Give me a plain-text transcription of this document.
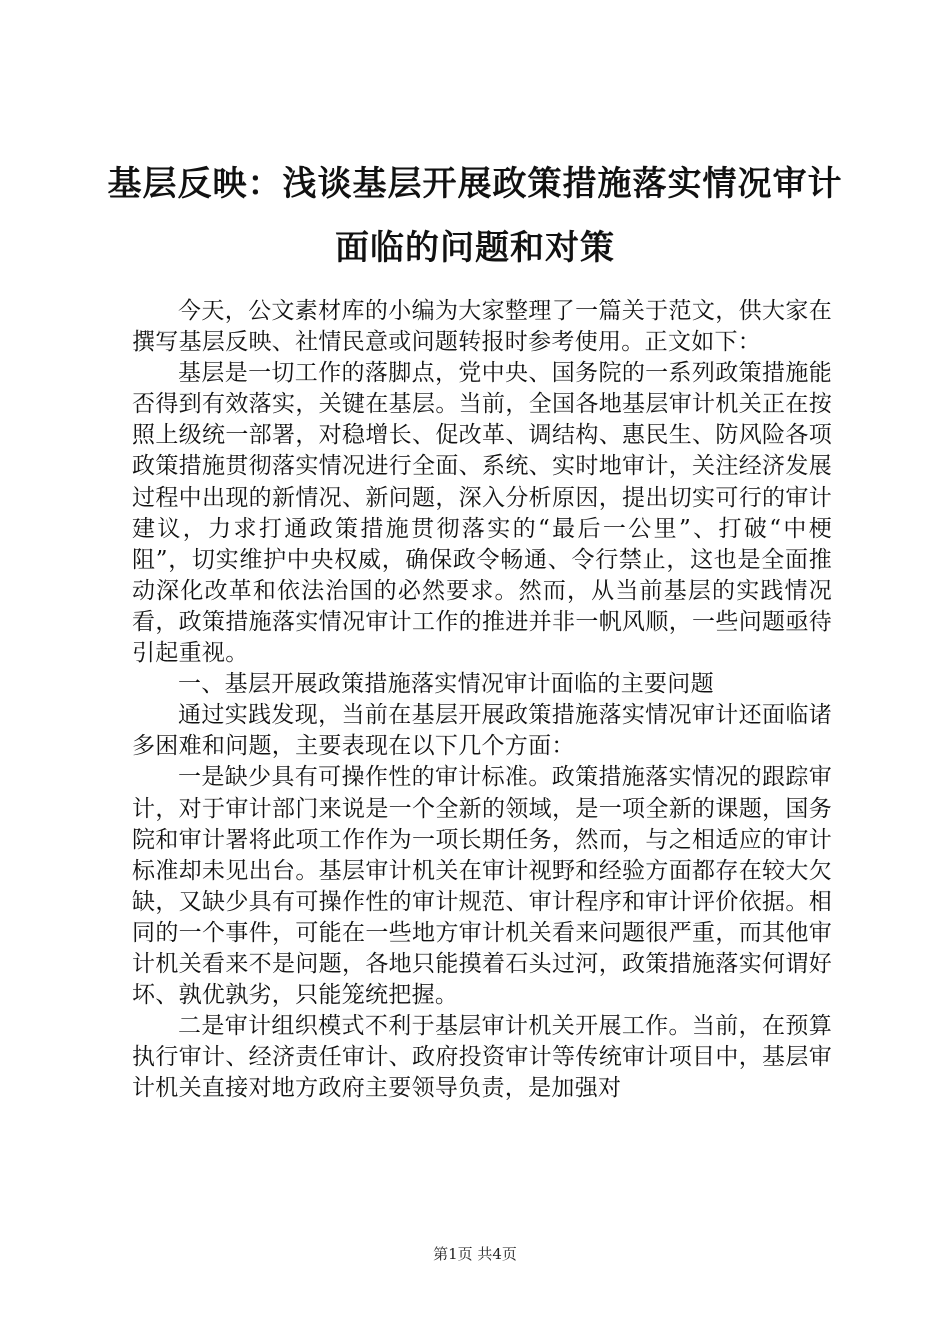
基层反映：浅谈基层开展政策措施落实情况审计面临的问题和对策

今天，公文素材库的小编为大家整理了一篇关于范文，供大家在撰写基层反映、社情民意或问题转报时参考使用。正文如下：

基层是一切工作的落脚点，党中央、国务院的一系列政策措施能否得到有效落实，关键在基层。当前，全国各地基层审计机关正在按照上级统一部署，对稳增长、促改革、调结构、惠民生、防风险各项政策措施贯彻落实情况进行全面、系统、实时地审计，关注经济发展过程中出现的新情况、新问题，深入分析原因，提出切实可行的审计建议，力求打通政策措施贯彻落实的“最后一公里”、打破“中梗阻”，切实维护中央权威，确保政令畅通、令行禁止，这也是全面推动深化改革和依法治国的必然要求。然而，从当前基层的实践情况看，政策措施落实情况审计工作的推进并非一帆风顺，一些问题亟待引起重视。

一、基层开展政策措施落实情况审计面临的主要问题

通过实践发现，当前在基层开展政策措施落实情况审计还面临诸多困难和问题，主要表现在以下几个方面：

一是缺少具有可操作性的审计标准。政策措施落实情况的跟踪审计，对于审计部门来说是一个全新的领域，是一项全新的课题，国务院和审计署将此项工作作为一项长期任务，然而，与之相适应的审计标准却未见出台。基层审计机关在审计视野和经验方面都存在较大欠缺，又缺少具有可操作性的审计规范、审计程序和审计评价依据。相同的一个事件，可能在一些地方审计机关看来问题很严重，而其他审计机关看来不是问题，各地只能摸着石头过河，政策措施落实何谓好坏、孰优孰劣，只能笼统把握。

二是审计组织模式不利于基层审计机关开展工作。当前，在预算执行审计、经济责任审计、政府投资审计等传统审计项目中，基层审计机关直接对地方政府主要领导负责，是加强对

第1页 共4页
